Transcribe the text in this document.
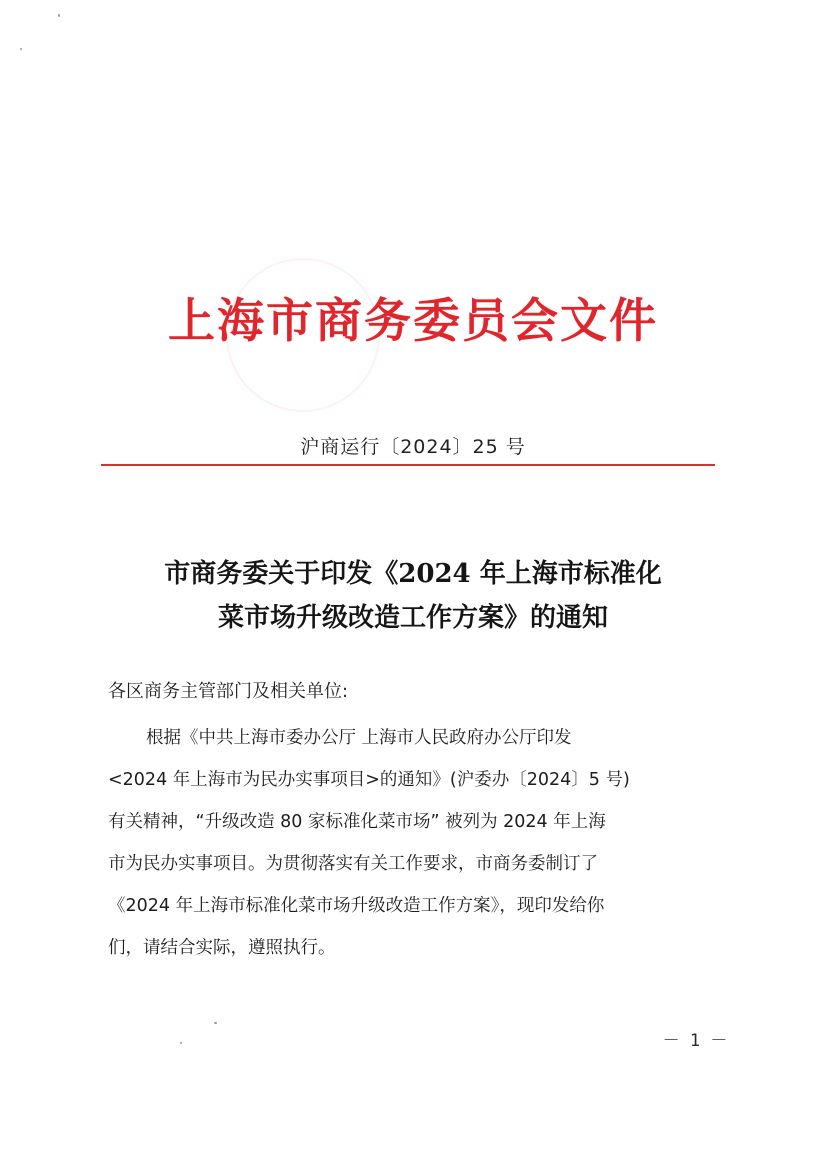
上海市商务委员会文件
沪商运行〔2024〕25 号
市商务委关于印发《2024 年上海市标准化
菜市场升级改造工作方案》的通知
各区商务主管部门及相关单位:
根据《中共上海市委办公厅 上海市人民政府办公厅印发
<2024 年上海市为民办实事项目>的通知》(沪委办〔2024〕5 号)
有关精神，“升级改造 80 家标准化菜市场” 被列为 2024 年上海
市为民办实事项目。为贯彻落实有关工作要求，市商务委制订了
《2024 年上海市标准化菜市场升级改造工作方案》，现印发给你
们，请结合实际，遵照执行。
－ 1 －
